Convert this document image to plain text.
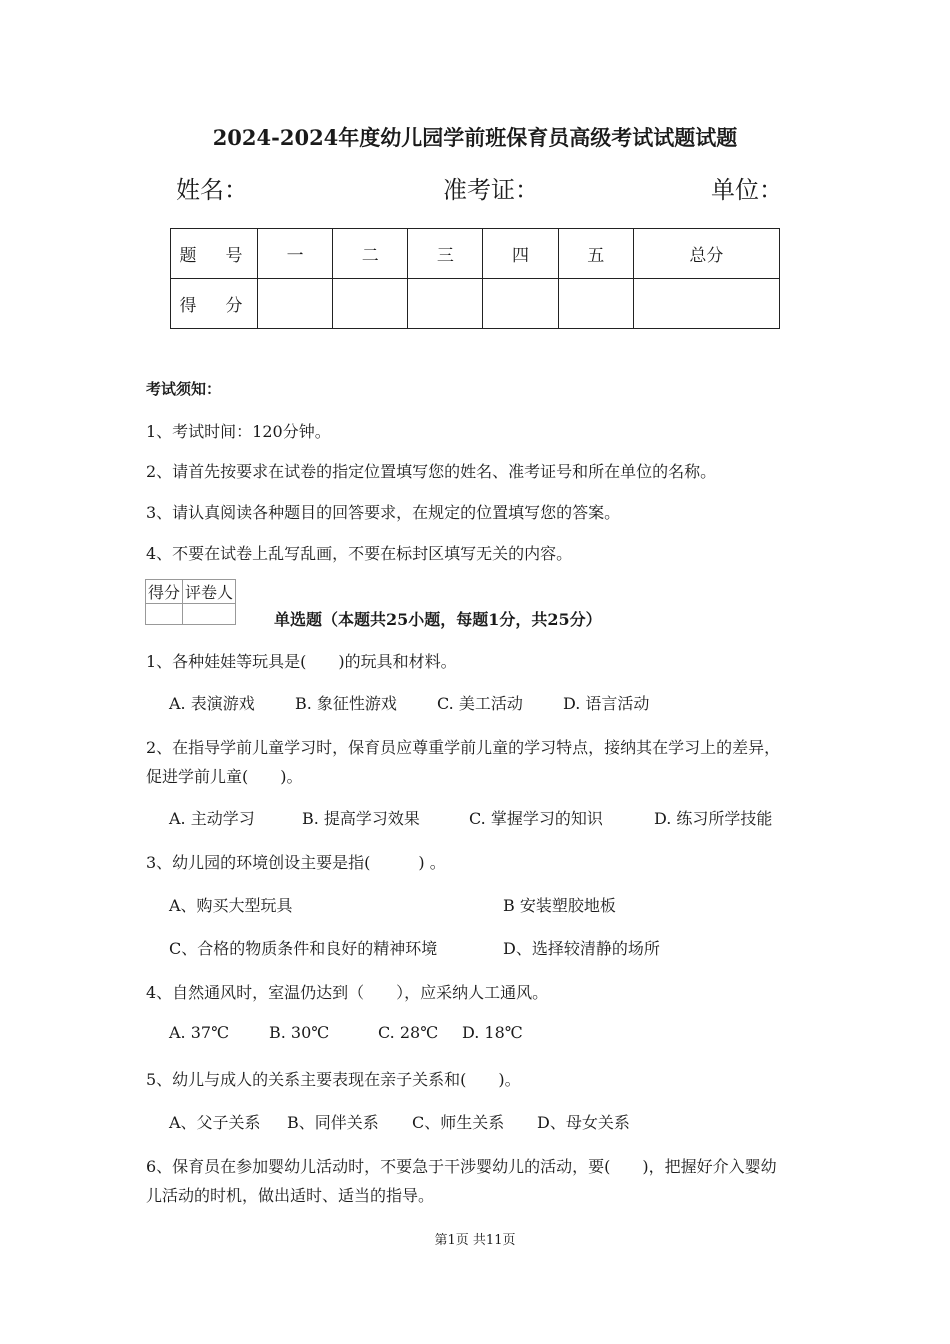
2024-2024年度幼儿园学前班保育员高级考试试题试题
姓名：	准考证：	单位：
题　号	一	二	三	四	五	总分
得　分						
考试须知：
1、考试时间：120分钟。
2、请首先按要求在试卷的指定位置填写您的姓名、准考证号和所在单位的名称。
3、请认真阅读各种题目的回答要求，在规定的位置填写您的答案。
4、不要在试卷上乱写乱画，不要在标封区填写无关的内容。
得分	评卷人

单选题（本题共25小题，每题1分，共25分）
1、各种娃娃等玩具是(　　)的玩具和材料。
A. 表演游戏	B. 象征性游戏	C. 美工活动	D. 语言活动
2、在指导学前儿童学习时，保育员应尊重学前儿童的学习特点，接纳其在学习上的差异，
促进学前儿童(　　)。
A. 主动学习	B. 提高学习效果	C. 掌握学习的知识	D. 练习所学技能
3、幼儿园的环境创设主要是指(　　　) 。
A、购买大型玩具	B 安装塑胶地板
C、合格的物质条件和良好的精神环境	D、选择较清静的场所
4、自然通风时，室温仍达到（　　），应采纳人工通风。
A. 37℃	B. 30℃	C. 28℃ D. 18℃
5、幼儿与成人的关系主要表现在亲子关系和(　　)。
A、父子关系 B、同伴关系 C、师生关系 D、母女关系
6、保育员在参加婴幼儿活动时，不要急于干涉婴幼儿的活动，要(　　)，把握好介入婴幼
儿活动的时机，做出适时、适当的指导。
第1页 共11页
